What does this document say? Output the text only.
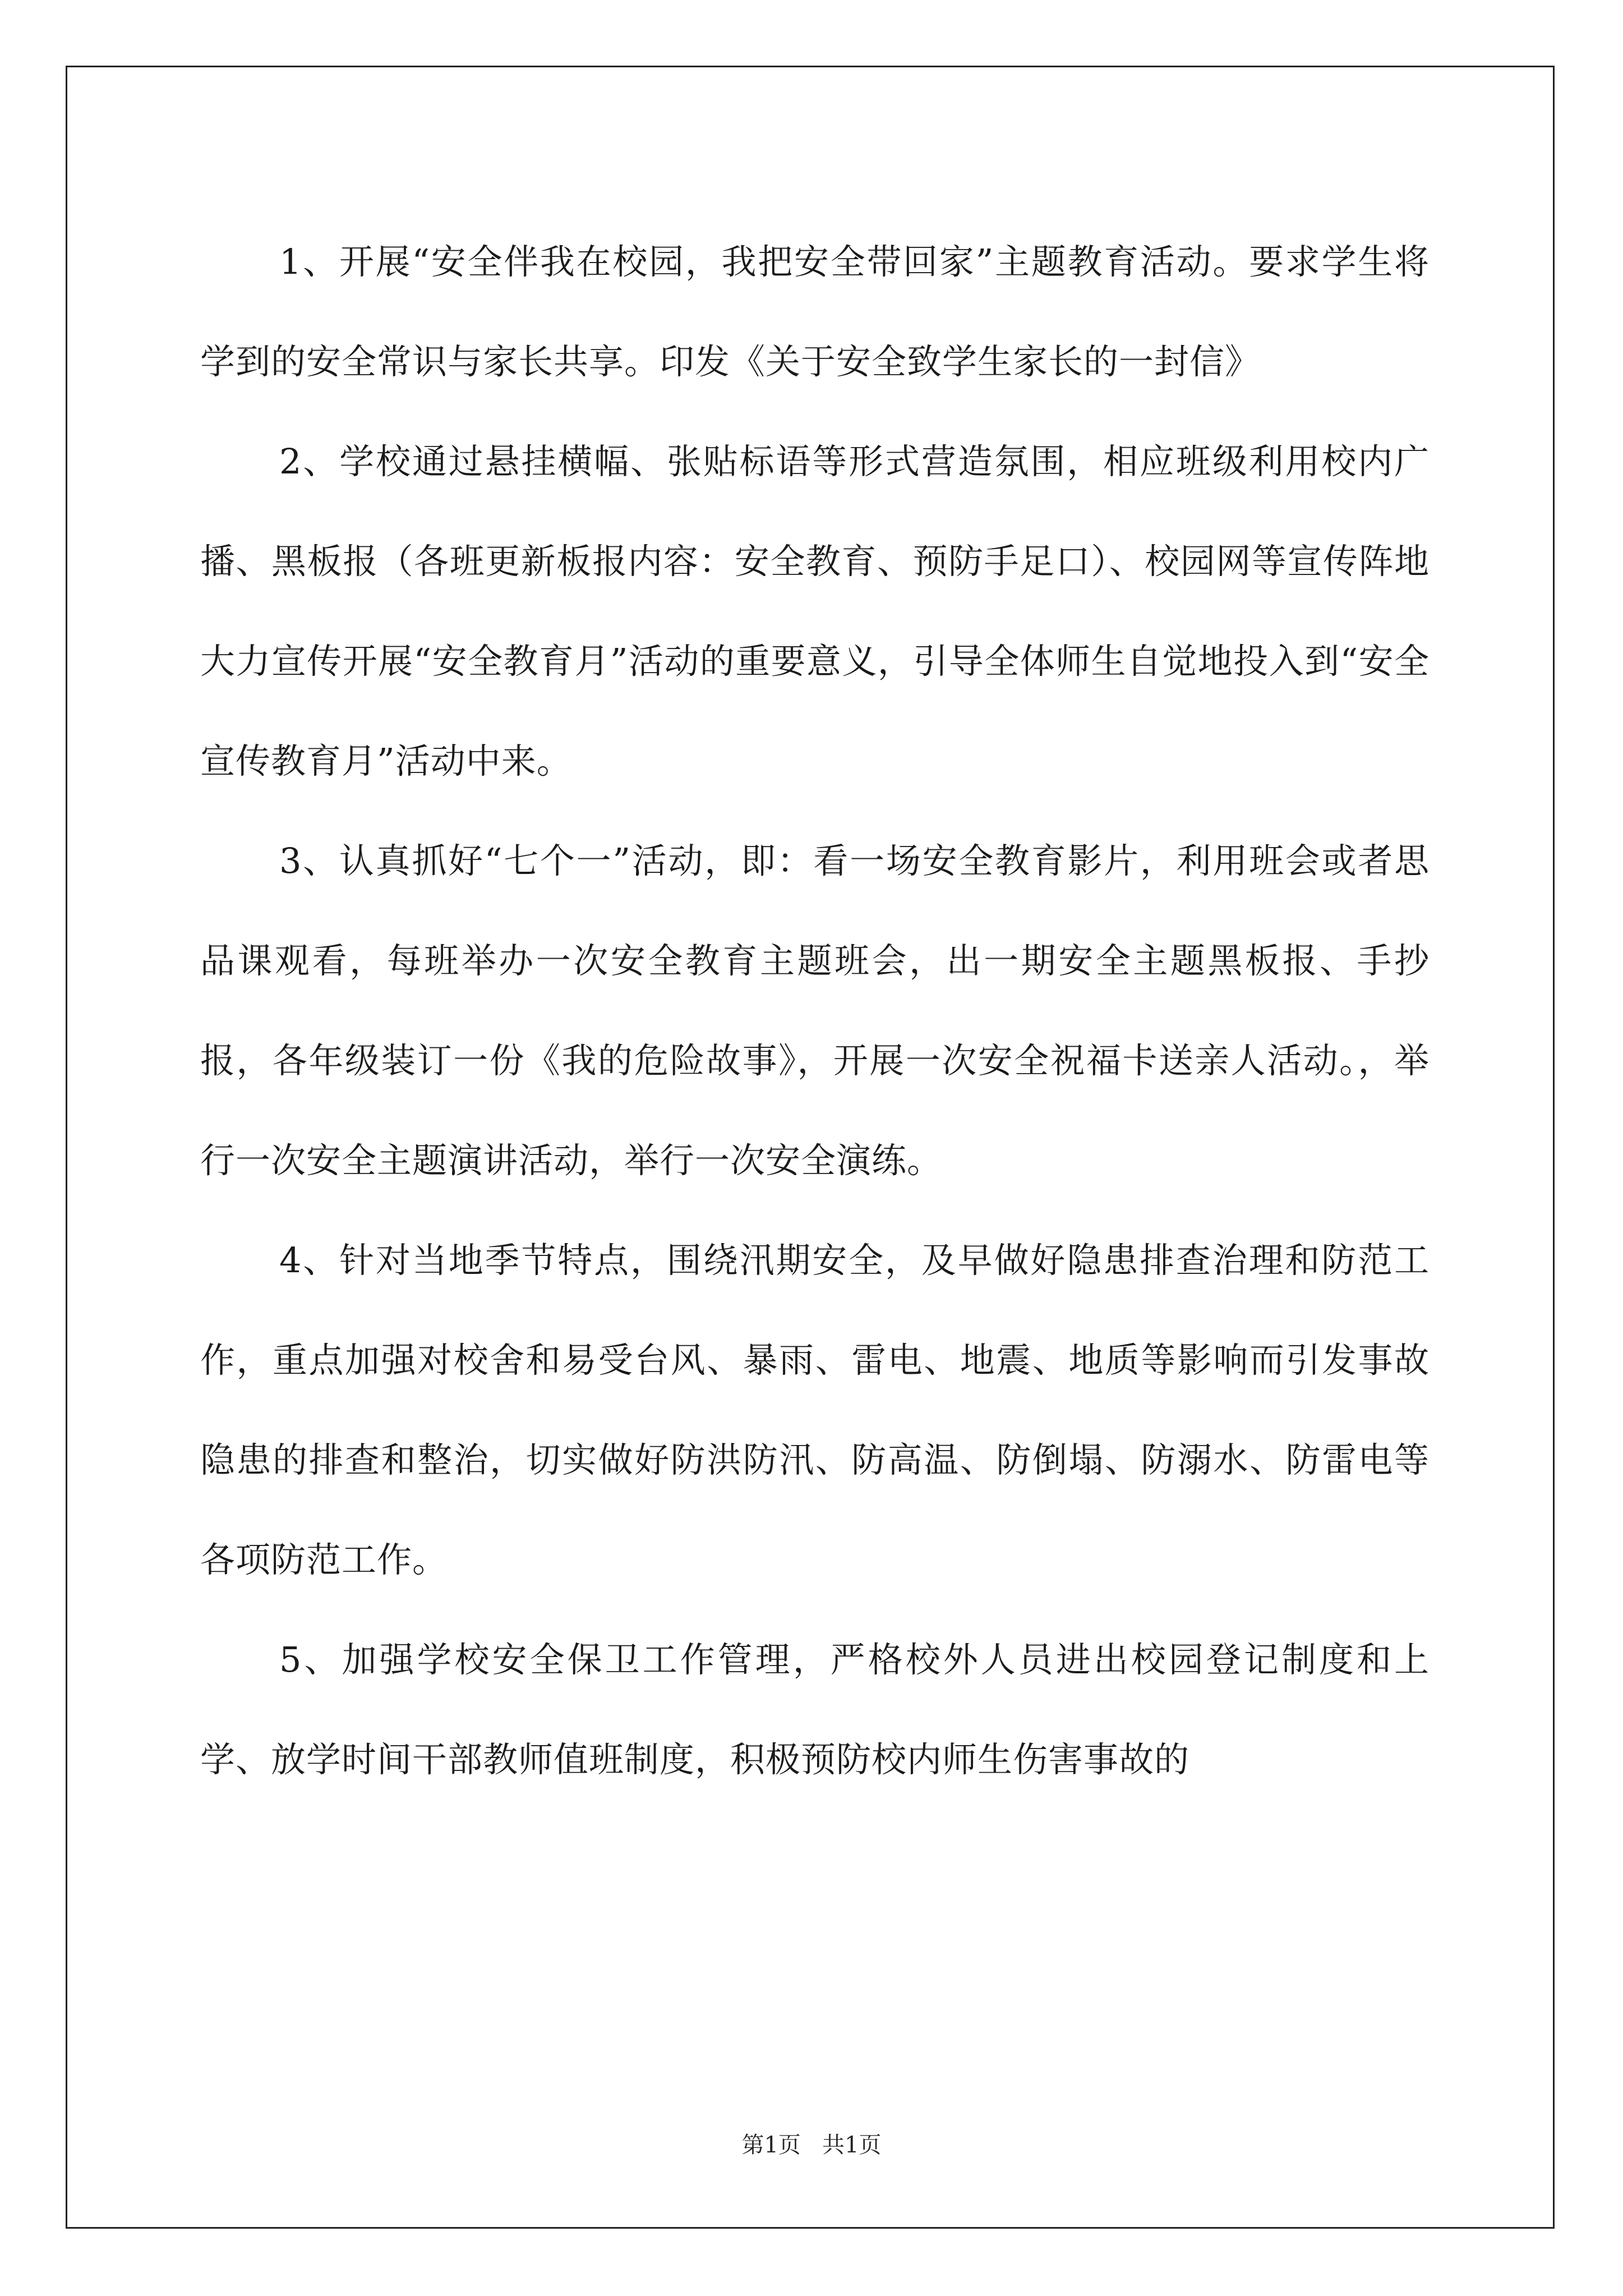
1、开展“安全伴我在校园，我把安全带回家”主题教育活动。要求学生将学到的安全常识与家长共享。印发《关于安全致学生家长的一封信》

2、学校通过悬挂横幅、张贴标语等形式营造氛围，相应班级利用校内广播、黑板报（各班更新板报内容：安全教育、预防手足口）、校园网等宣传阵地大力宣传开展“安全教育月”活动的重要意义，引导全体师生自觉地投入到“安全宣传教育月”活动中来。

3、认真抓好“七个一”活动，即：看一场安全教育影片，利用班会或者思品课观看，每班举办一次安全教育主题班会，出一期安全主题黑板报、手抄报，各年级装订一份《我的危险故事》，开展一次安全祝福卡送亲人活动。，举行一次安全主题演讲活动，举行一次安全演练。

4、针对当地季节特点，围绕汛期安全，及早做好隐患排查治理和防范工作，重点加强对校舍和易受台风、暴雨、雷电、地震、地质等影响而引发事故隐患的排查和整治，切实做好防洪防汛、防高温、防倒塌、防溺水、防雷电等各项防范工作。

5、加强学校安全保卫工作管理，严格校外人员进出校园登记制度和上学、放学时间干部教师值班制度，积极预防校内师生伤害事故的

第1页   共1页
